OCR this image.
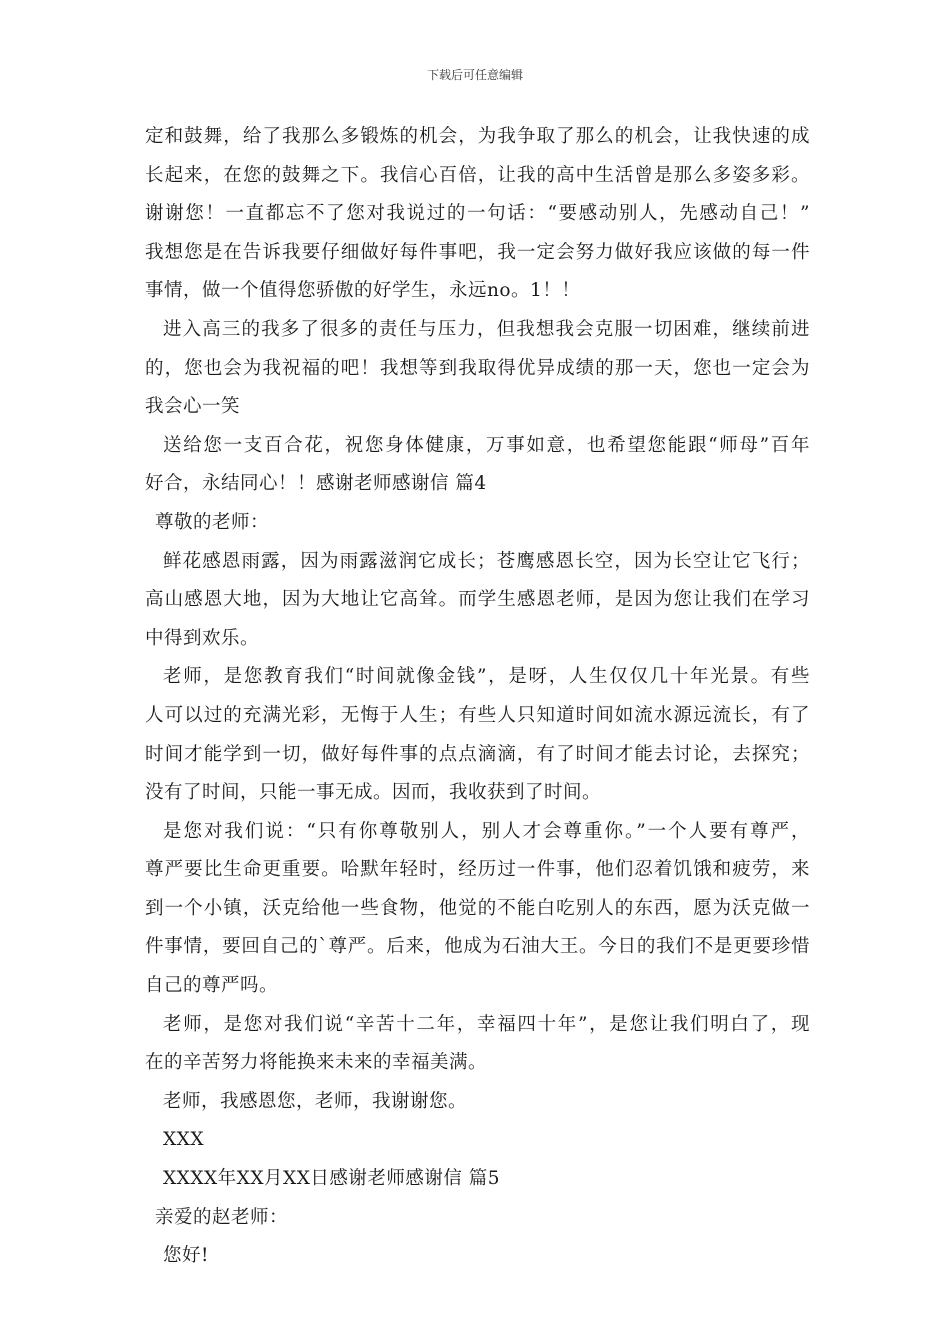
下载后可任意编辑
定和鼓舞，给了我那么多锻炼的机会，为我争取了那么的机会，让我快速的成
长起来，在您的鼓舞之下。我信心百倍，让我的高中生活曾是那么多姿多彩。
谢谢您！一直都忘不了您对我说过的一句话：“要感动别人，先感动自己！”
我想您是在告诉我要仔细做好每件事吧，我一定会努力做好我应该做的每一件
事情，做一个值得您骄傲的好学生，永远no。1！！
进入高三的我多了很多的责任与压力，但我想我会克服一切困难，继续前进
的，您也会为我祝福的吧！我想等到我取得优异成绩的那一天，您也一定会为
我会心一笑
送给您一支百合花，祝您身体健康，万事如意，也希望您能跟“师母”百年
好合，永结同心！！感谢老师感谢信 篇4
尊敬的老师：
鲜花感恩雨露，因为雨露滋润它成长；苍鹰感恩长空，因为长空让它飞行；
高山感恩大地，因为大地让它高耸。而学生感恩老师，是因为您让我们在学习
中得到欢乐。
老师，是您教育我们“时间就像金钱”，是呀，人生仅仅几十年光景。有些
人可以过的充满光彩，无悔于人生；有些人只知道时间如流水源远流长，有了
时间才能学到一切，做好每件事的点点滴滴，有了时间才能去讨论，去探究；
没有了时间，只能一事无成。因而，我收获到了时间。
是您对我们说：“只有你尊敬别人，别人才会尊重你。”一个人要有尊严，
尊严要比生命更重要。哈默年轻时，经历过一件事，他们忍着饥饿和疲劳，来
到一个小镇，沃克给他一些食物，他觉的不能白吃别人的东西，愿为沃克做一
件事情，要回自己的`尊严。后来，他成为石油大王。今日的我们不是更要珍惜
自己的尊严吗。
老师，是您对我们说“辛苦十二年，幸福四十年”，是您让我们明白了，现
在的辛苦努力将能换来未来的幸福美满。
老师，我感恩您，老师，我谢谢您。
XXX
XXXX年XX月XX日感谢老师感谢信 篇5
亲爱的赵老师：
您好!
